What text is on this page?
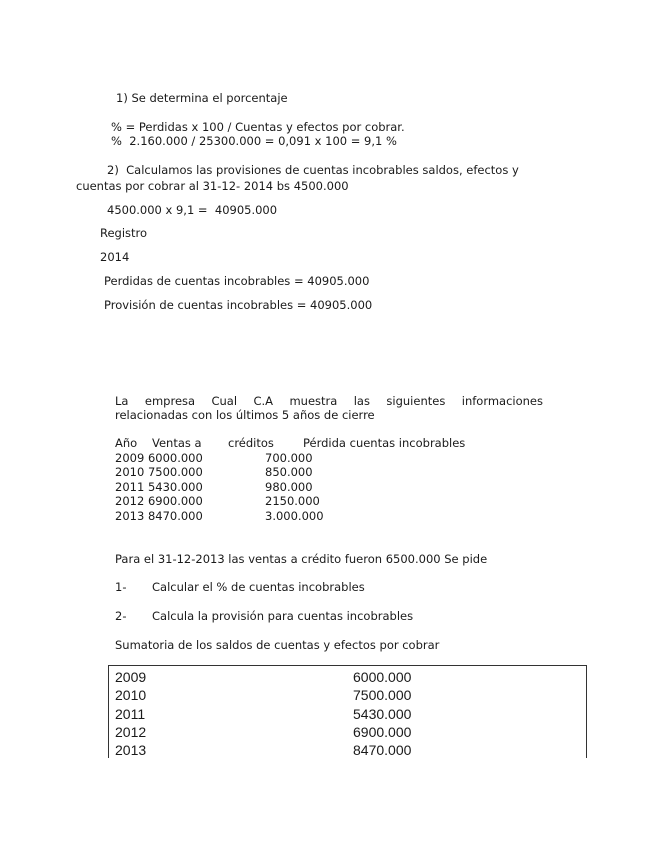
1) Se determina el porcentaje
% = Perdidas x 100 / Cuentas y efectos por cobrar.
%  2.160.000 / 25300.000 = 0,091 x 100 = 9,1 %
2)  Calculamos las provisiones de cuentas incobrables saldos, efectos y
cuentas por cobrar al 31-12- 2014 bs 4500.000
4500.000 x 9,1 =  40905.000
Registro
2014
Perdidas de cuentas incobrables = 40905.000
Provisión de cuentas incobrables = 40905.000
La empresa Cual C.A muestra las siguientes informaciones
relacionadas con los últimos 5 años de cierre
Año	Ventas a	créditos	Pérdida cuentas incobrables
2009 6000.000		700.000	
2010 7500.000		850.000	
2011 5430.000		980.000	
2012 6900.000		2150.000	
2013 8470.000		3.000.000	
Para el 31-12-2013 las ventas a crédito fueron 6500.000 Se pide
1- Calcular el % de cuentas incobrables
2- Calcula la provisión para cuentas incobrables
Sumatoria de los saldos de cuentas y efectos por cobrar
2009	6000.000
2010	7500.000
2011	5430.000
2012	6900.000
2013	8470.000
